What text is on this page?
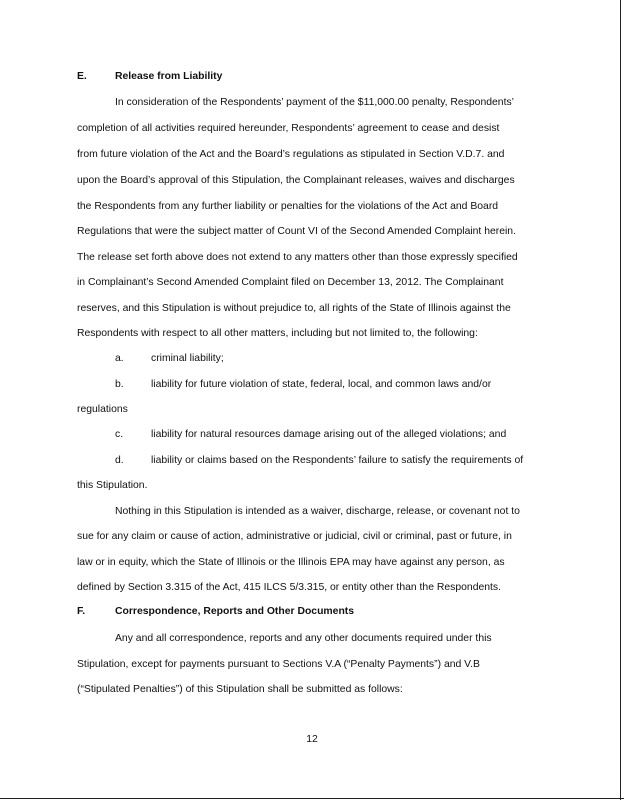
E.	Release from Liability
In consideration of the Respondents’ payment of the $11,000.00 penalty, Respondents’
completion of all activities required hereunder, Respondents’ agreement to cease and desist
from future violation of the Act and the Board’s regulations as stipulated in Section V.D.7. and
upon the Board’s approval of this Stipulation, the Complainant releases, waives and discharges
the Respondents from any further liability or penalties for the violations of the Act and Board
Regulations that were the subject matter of Count VI of the Second Amended Complaint herein.
The release set forth above does not extend to any matters other than those expressly specified
in Complainant’s Second Amended Complaint filed on December 13, 2012. The Complainant
reserves, and this Stipulation is without prejudice to, all rights of the State of Illinois against the
Respondents with respect to all other matters, including but not limited to, the following:
a.	criminal liability;
b.	liability for future violation of state, federal, local, and common laws and/or
regulations
c.	liability for natural resources damage arising out of the alleged violations; and
d.	liability or claims based on the Respondents’ failure to satisfy the requirements of
this Stipulation.
Nothing in this Stipulation is intended as a waiver, discharge, release, or covenant not to
sue for any claim or cause of action, administrative or judicial, civil or criminal, past or future, in
law or in equity, which the State of Illinois or the Illinois EPA may have against any person, as
defined by Section 3.315 of the Act, 415 ILCS 5/3.315, or entity other than the Respondents.
F.	Correspondence, Reports and Other Documents
Any and all correspondence, reports and any other documents required under this
Stipulation, except for payments pursuant to Sections V.A (“Penalty Payments”) and V.B
(“Stipulated Penalties”) of this Stipulation shall be submitted as follows:
12
